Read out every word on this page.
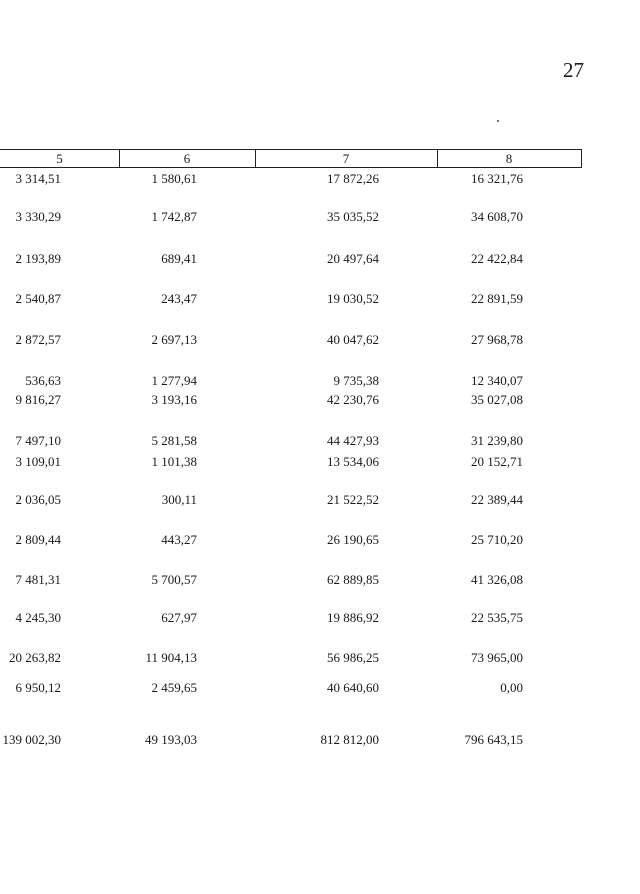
27
5	6	7	8
3 314,51	1 580,61	17 872,26	16 321,76
3 330,29	1 742,87	35 035,52	34 608,70
2 193,89	689,41	20 497,64	22 422,84
2 540,87	243,47	19 030,52	22 891,59
2 872,57	2 697,13	40 047,62	27 968,78
536,63	1 277,94	9 735,38	12 340,07
9 816,27	3 193,16	42 230,76	35 027,08
7 497,10	5 281,58	44 427,93	31 239,80
3 109,01	1 101,38	13 534,06	20 152,71
2 036,05	300,11	21 522,52	22 389,44
2 809,44	443,27	26 190,65	25 710,20
7 481,31	5 700,57	62 889,85	41 326,08
4 245,30	627,97	19 886,92	22 535,75
20 263,82	11 904,13	56 986,25	73 965,00
6 950,12	2 459,65	40 640,60	0,00
139 002,30	49 193,03	812 812,00	796 643,15
